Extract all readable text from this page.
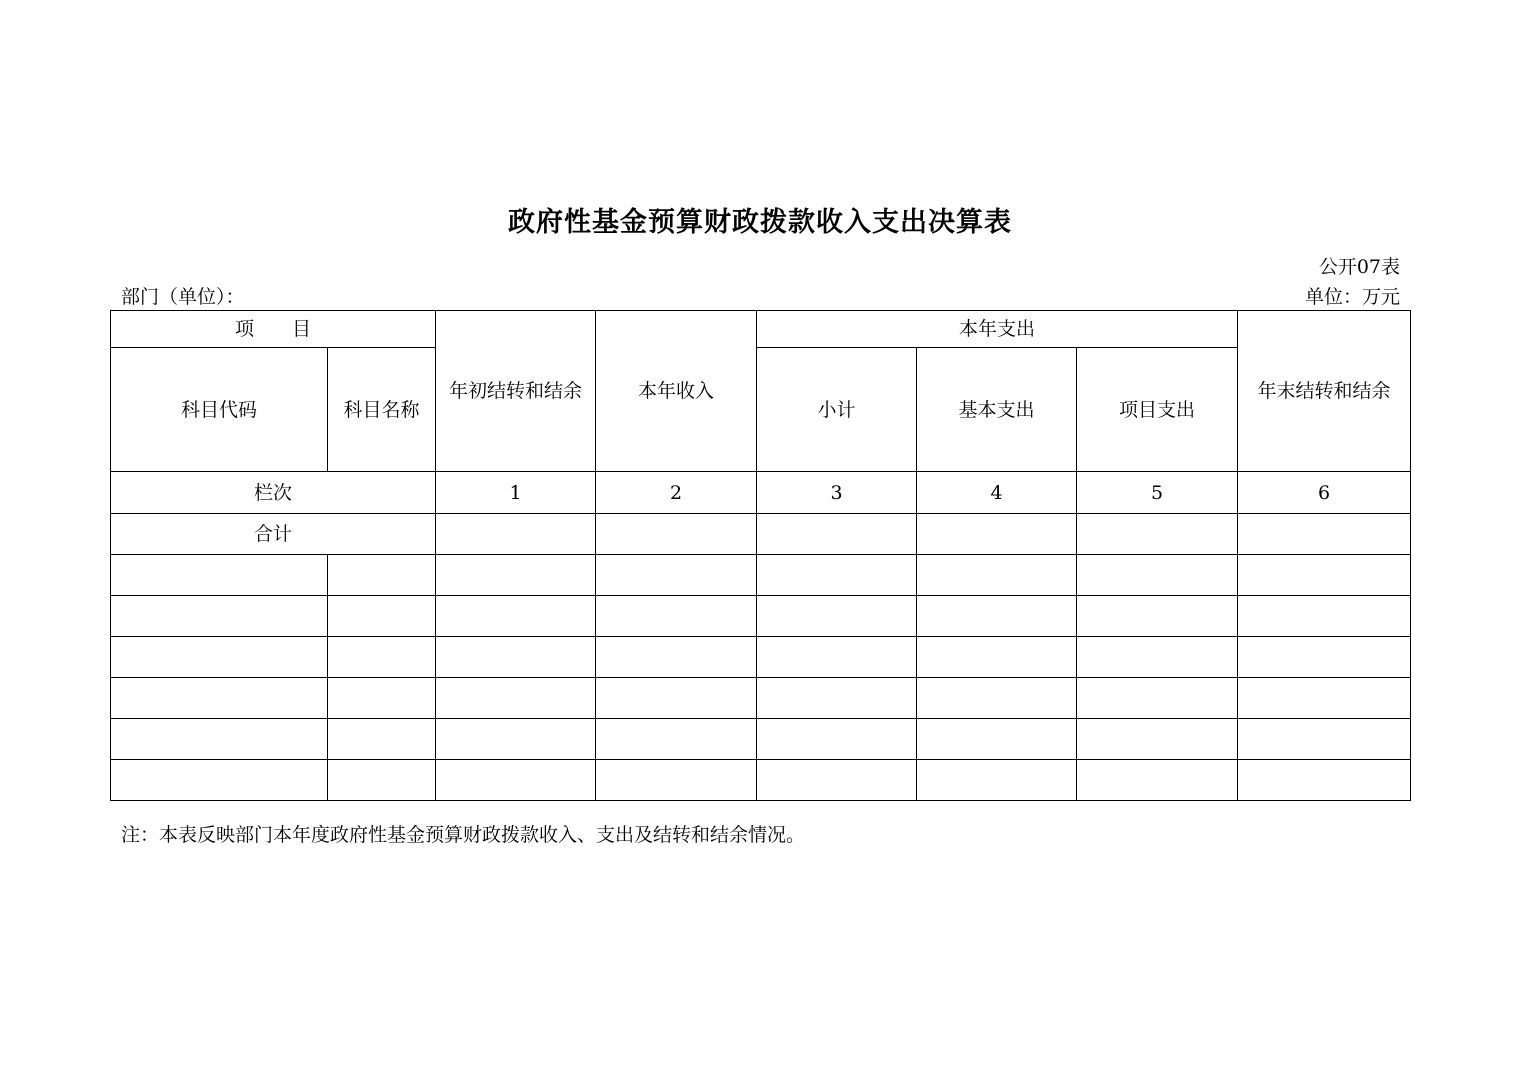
政府性基金预算财政拨款收入支出决算表
公开07表
部门（单位）：	单位：万元
项　　目		年初结转和结余	本年收入	本年支出			年末结转和结余
科目代码	科目名称			小计	基本支出	项目支出	
栏次		1	2	3	4	5	6
合计							

注：本表反映部门本年度政府性基金预算财政拨款收入、支出及结转和结余情况。
